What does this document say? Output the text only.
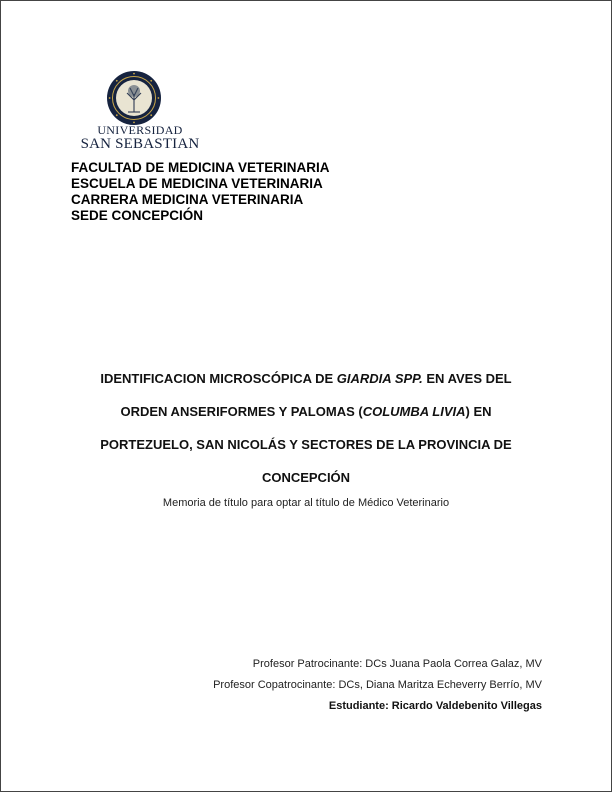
UNIVERSIDAD
SAN SEBASTIAN
FACULTAD DE MEDICINA VETERINARIA
ESCUELA DE MEDICINA VETERINARIA
CARRERA MEDICINA VETERINARIA
SEDE CONCEPCIÓN
IDENTIFICACION MICROSCÓPICA DE GIARDIA SPP. EN AVES DEL
ORDEN ANSERIFORMES Y PALOMAS (COLUMBA LIVIA) EN
PORTEZUELO, SAN NICOLÁS Y SECTORES DE LA PROVINCIA DE
CONCEPCIÓN
Memoria de título para optar al título de Médico Veterinario
Profesor Patrocinante: DCs Juana Paola Correa Galaz, MV
Profesor Copatrocinante: DCs, Diana Maritza Echeverry Berrío, MV
Estudiante: Ricardo Valdebenito Villegas
